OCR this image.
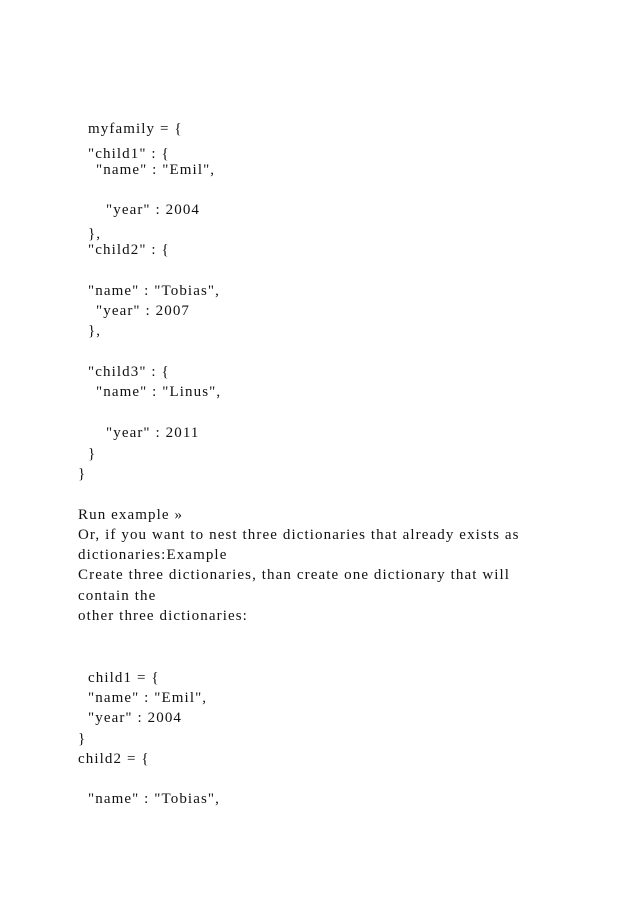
myfamily = {

"child1" : {

"name" : "Emil",

"year" : 2004

},

"child2" : {

"name" : "Tobias",

"year" : 2007

},

"child3" : {

"name" : "Linus",

"year" : 2011

}

}

Run example »

Or, if you want to nest three dictionaries that already exists as

dictionaries:Example

Create three dictionaries, than create one dictionary that will

contain the

other three dictionaries:

child1 = {

"name" : "Emil",

"year" : 2004

}

child2 = {

"name" : "Tobias",
